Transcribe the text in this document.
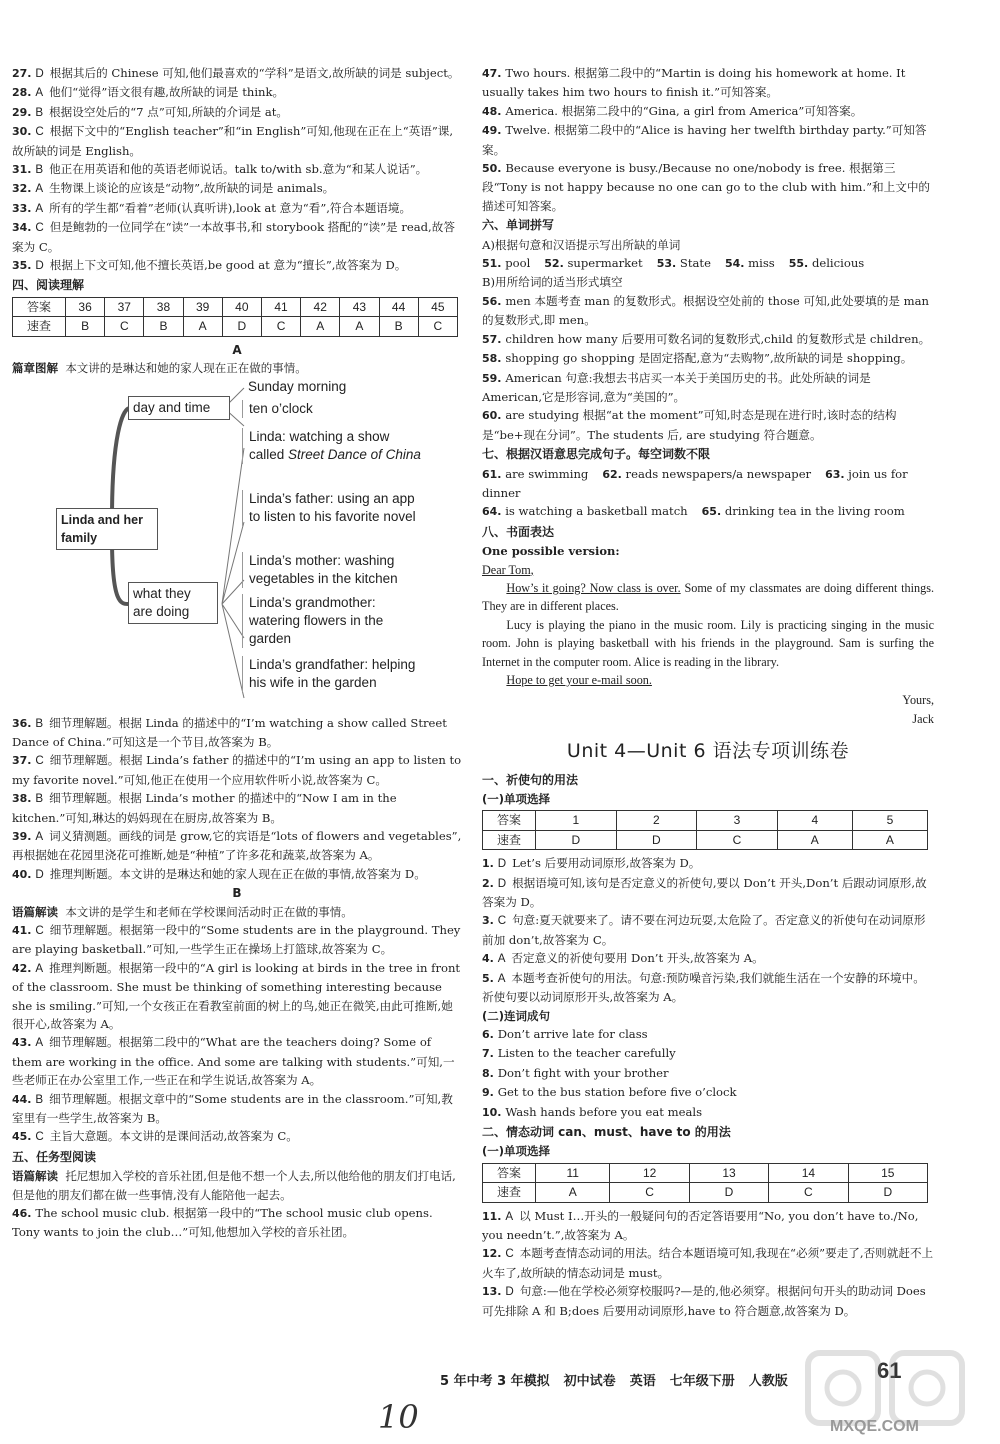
27. D 根据其后的 Chinese 可知,他们最喜欢的“学科”是语文,故所缺的词是 subject。

28. A 他们“觉得”语文很有趣,故所缺的词是 think。

29. B 根据设空处后的“7 点”可知,所缺的介词是 at。

30. C 根据下文中的“English teacher”和“in English”可知,他现在正在上“英语”课,故所缺的词是 English。

31. B 他正在用英语和他的英语老师说话。talk to/with sb.意为“和某人说话”。

32. A 生物课上谈论的应该是“动物”,故所缺的词是 animals。

33. A 所有的学生都“看着”老师(认真听讲),look at 意为“看”,符合本题语境。

34. C 但是鲍勃的一位同学在“读”一本故事书,和 storybook 搭配的“读”是 read,故答案为 C。

35. D 根据上下文可知,他不擅长英语,be good at 意为“擅长”,故答案为 D。

四、阅读理解
答案	36	37	38	39	40	41	42	43	44	45
速查	B	C	B	A	D	C	A	A	B	C
A
篇章图解 本文讲的是琳达和她的家人现在正在做的事情。
Linda and her family
day and time
what they are doing
Sunday morning
ten o’clock
Linda: watching a show called Street Dance of China
Linda’s father: using an app to listen to his favorite novel
Linda’s mother: washing vegetables in the kitchen
Linda’s grandmother: watering flowers in the garden
Linda’s grandfather: helping his wife in the garden

36. B 细节理解题。根据 Linda 的描述中的“I’m watching a show called Street Dance of China.”可知这是一个节目,故答案为 B。

37. C 细节理解题。根据 Linda’s father 的描述中的“I’m using an app to listen to my favorite novel.”可知,他正在使用一个应用软件听小说,故答案为 C。

38. B 细节理解题。根据 Linda’s mother 的描述中的“Now I am in the kitchen.”可知,琳达的妈妈现在在厨房,故答案为 B。

39. A 词义猜测题。画线的词是 grow,它的宾语是“lots of flowers and vegetables”,再根据她在花园里浇花可推断,她是“种植”了许多花和蔬菜,故答案为 A。

40. D 推理判断题。本文讲的是琳达和她的家人现在正在做的事情,故答案为 D。

B
语篇解读 本文讲的是学生和老师在学校课间活动时正在做的事情。

41. C 细节理解题。根据第一段中的“Some students are in the playground. They are playing basketball.”可知,一些学生正在操场上打篮球,故答案为 C。

42. A 推理判断题。根据第一段中的“A girl is looking at birds in the tree in front of the classroom. She must be thinking of something interesting because she is smiling.”可知,一个女孩正在看教室前面的树上的鸟,她正在微笑,由此可推断,她很开心,故答案为 A。

43. A 细节理解题。根据第二段中的“What are the teachers doing? Some of them are working in the office. And some are talking with students.”可知,一些老师正在办公室里工作,一些正在和学生说话,故答案为 A。

44. B 细节理解题。根据文章中的“Some students are in the classroom.”可知,教室里有一些学生,故答案为 B。

45. C 主旨大意题。本文讲的是课间活动,故答案为 C。

五、任务型阅读
语篇解读 托尼想加入学校的音乐社团,但是他不想一个人去,所以他给他的朋友们打电话,但是他的朋友们都在做一些事情,没有人能陪他一起去。

46. The school music club. 根据第一段中的“The school music club opens. Tony wants to join the club…”可知,他想加入学校的音乐社团。

47. Two hours. 根据第二段中的“Martin is doing his homework at home. It usually takes him two hours to finish it.”可知答案。

48. America. 根据第二段中的“Gina, a girl from America”可知答案。

49. Twelve. 根据第二段中的“Alice is having her twelfth birthday party.”可知答案。

50. Because everyone is busy./Because no one/nobody is free. 根据第三段“Tony is not happy because no one can go to the club with him.”和上文中的描述可知答案。

六、单词拼写
A)根据句意和汉语提示写出所缺的单词
51. pool 52. supermarket 53. State 54. miss 55. delicious
B)用所给词的适当形式填空

56. men 本题考查 man 的复数形式。根据设空处前的 those 可知,此处要填的是 man 的复数形式,即 men。

57. children how many 后要用可数名词的复数形式,child 的复数形式是 children。

58. shopping go shopping 是固定搭配,意为“去购物”,故所缺的词是 shopping。

59. American 句意:我想去书店买一本关于美国历史的书。此处所缺的词是 American,它是形容词,意为“美国的”。

60. are studying 根据“at the moment”可知,时态是现在进行时,该时态的结构是“be+现在分词”。The students 后, are studying 符合题意。

七、根据汉语意思完成句子。每空词数不限
61. are swimming 62. reads newspapers/a newspaper 63. join us for dinner
64. is watching a basketball match 65. drinking tea in the living room
八、书面表达
One possible version:
Dear Tom,
How’s it going? Now class is over. Some of my classmates are doing different things. They are in different places.
Lucy is playing the piano in the music room. Lily is practicing singing in the music room. John is playing basketball with his friends in the playground. Sam is surfing the Internet in the computer room. Alice is reading in the library.
Hope to get your e-mail soon.
Yours,
Jack
Unit 4—Unit 6 语法专项训练卷
一、祈使句的用法
(一)单项选择
答案	1	2	3	4	5
速查	D	D	C	A	A

1. D Let’s 后要用动词原形,故答案为 D。

2. D 根据语境可知,该句是否定意义的祈使句,要以 Don’t 开头,Don’t 后跟动词原形,故答案为 D。

3. C 句意:夏天就要来了。请不要在河边玩耍,太危险了。否定意义的祈使句在动词原形前加 don’t,故答案为 C。

4. A 否定意义的祈使句要用 Don’t 开头,故答案为 A。

5. A 本题考查祈使句的用法。句意:预防噪音污染,我们就能生活在一个安静的环境中。祈使句要以动词原形开头,故答案为 A。

(二)连词成句

6. Don’t arrive late for class

7. Listen to the teacher carefully

8. Don’t fight with your brother

9. Get to the bus station before five o’clock

10. Wash hands before you eat meals

二、情态动词 can、must、have to 的用法
(一)单项选择
答案	11	12	13	14	15
速查	A	C	D	C	D

11. A 以 Must I…开头的一般疑问句的否定答语要用“No, you don’t have to./No, you needn’t.”,故答案为 A。

12. C 本题考查情态动词的用法。结合本题语境可知,我现在“必须”要走了,否则就赶不上火车了,故所缺的情态动词是 must。

13. D 句意:—他在学校必须穿校服吗?—是的,他必须穿。根据问句开头的助动词 Does 可先排除 A 和 B;does 后要用动词原形,have to 符合题意,故答案为 D。

5 年中考 3 年模拟 初中试卷 英语 七年级下册 人教版	61
10	MXQE.COM
